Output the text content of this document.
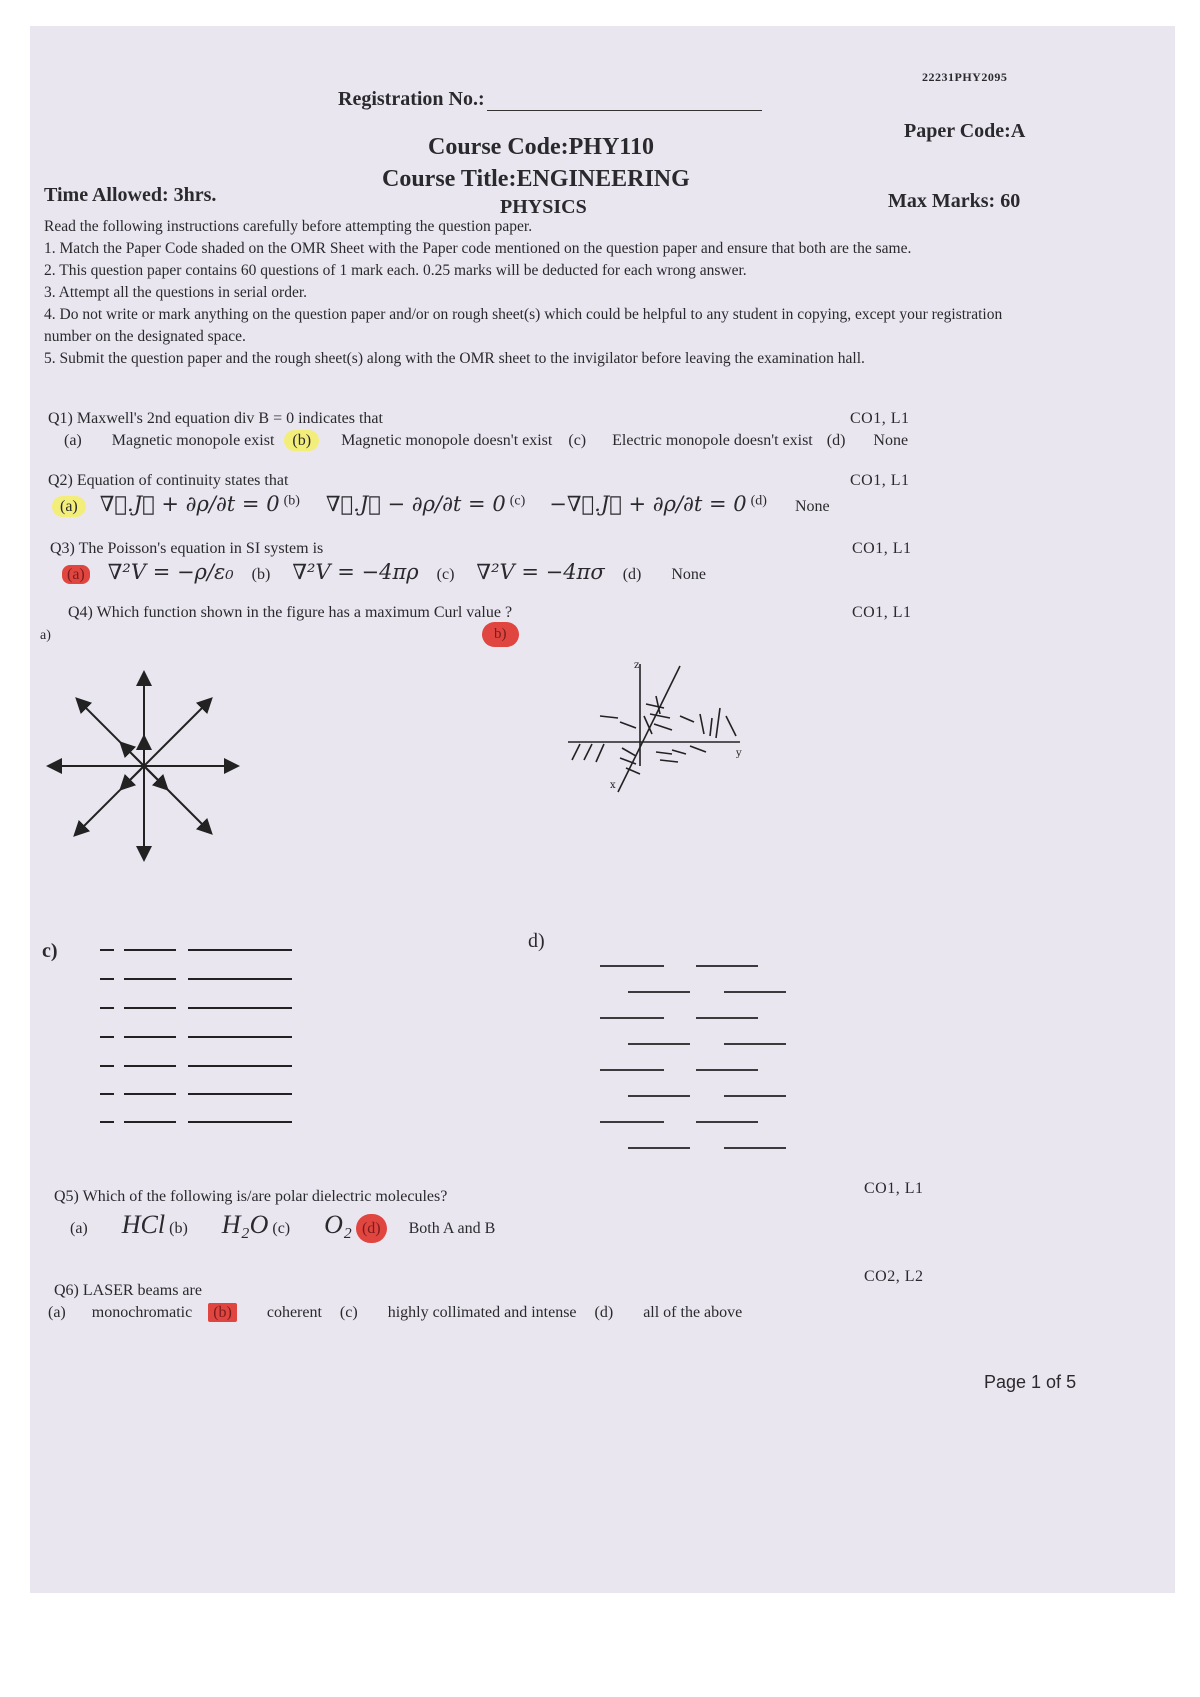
22231PHY2095
Registration No.:
Paper Code:A
Course Code:PHY110
Course Title:ENGINEERING
PHYSICS
Time Allowed: 3hrs.	Max Marks: 60
Read the following instructions carefully before attempting the question paper.
1. Match the Paper Code shaded on the OMR Sheet with the Paper code mentioned on the question paper and ensure that both are the same.
2. This question paper contains 60 questions of 1 mark each. 0.25 marks will be deducted for each wrong answer.
3. Attempt all the questions in serial order.
4. Do not write or mark anything on the question paper and/or on rough sheet(s) which could be helpful to any student in copying, except your registration number on the designated space.
5. Submit the question paper and the rough sheet(s) along with the OMR sheet to the invigilator before leaving the examination hall.
Q1) Maxwell's 2nd equation div B = 0 indicates that	CO1, L1
(a) Magnetic monopole exist (b) Magnetic monopole doesn't exist (c) Electric monopole doesn't exist (d) None
Q2) Equation of continuity states that	CO1, L1
(a) ∇⃗.J⃗ + ∂ρ/∂t = 0 (b) ∇⃗.J⃗ − ∂ρ/∂t = 0 (c) −∇⃗.J⃗ + ∂ρ/∂t = 0 (d) None
Q3) The Poisson's equation in SI system is	CO1, L1
(a) ∇²V = −ρ/ε₀ (b) ∇²V = −4πρ (c) ∇²V = −4πσ (d) None
Q4) Which function shown in the figure has a maximum Curl value ?	CO1, L1
a)	b)
z
y
x
c)	d)
Q5) Which of the following is/are polar dielectric molecules?	CO1, L1
(a) HCl (b) H₂O (c) O₂ (d) Both A and B
Q6) LASER beams are
CO2, L2
(a) monochromatic (b) coherent (c) highly collimated and intense (d) all of the above
Page 1 of 5
